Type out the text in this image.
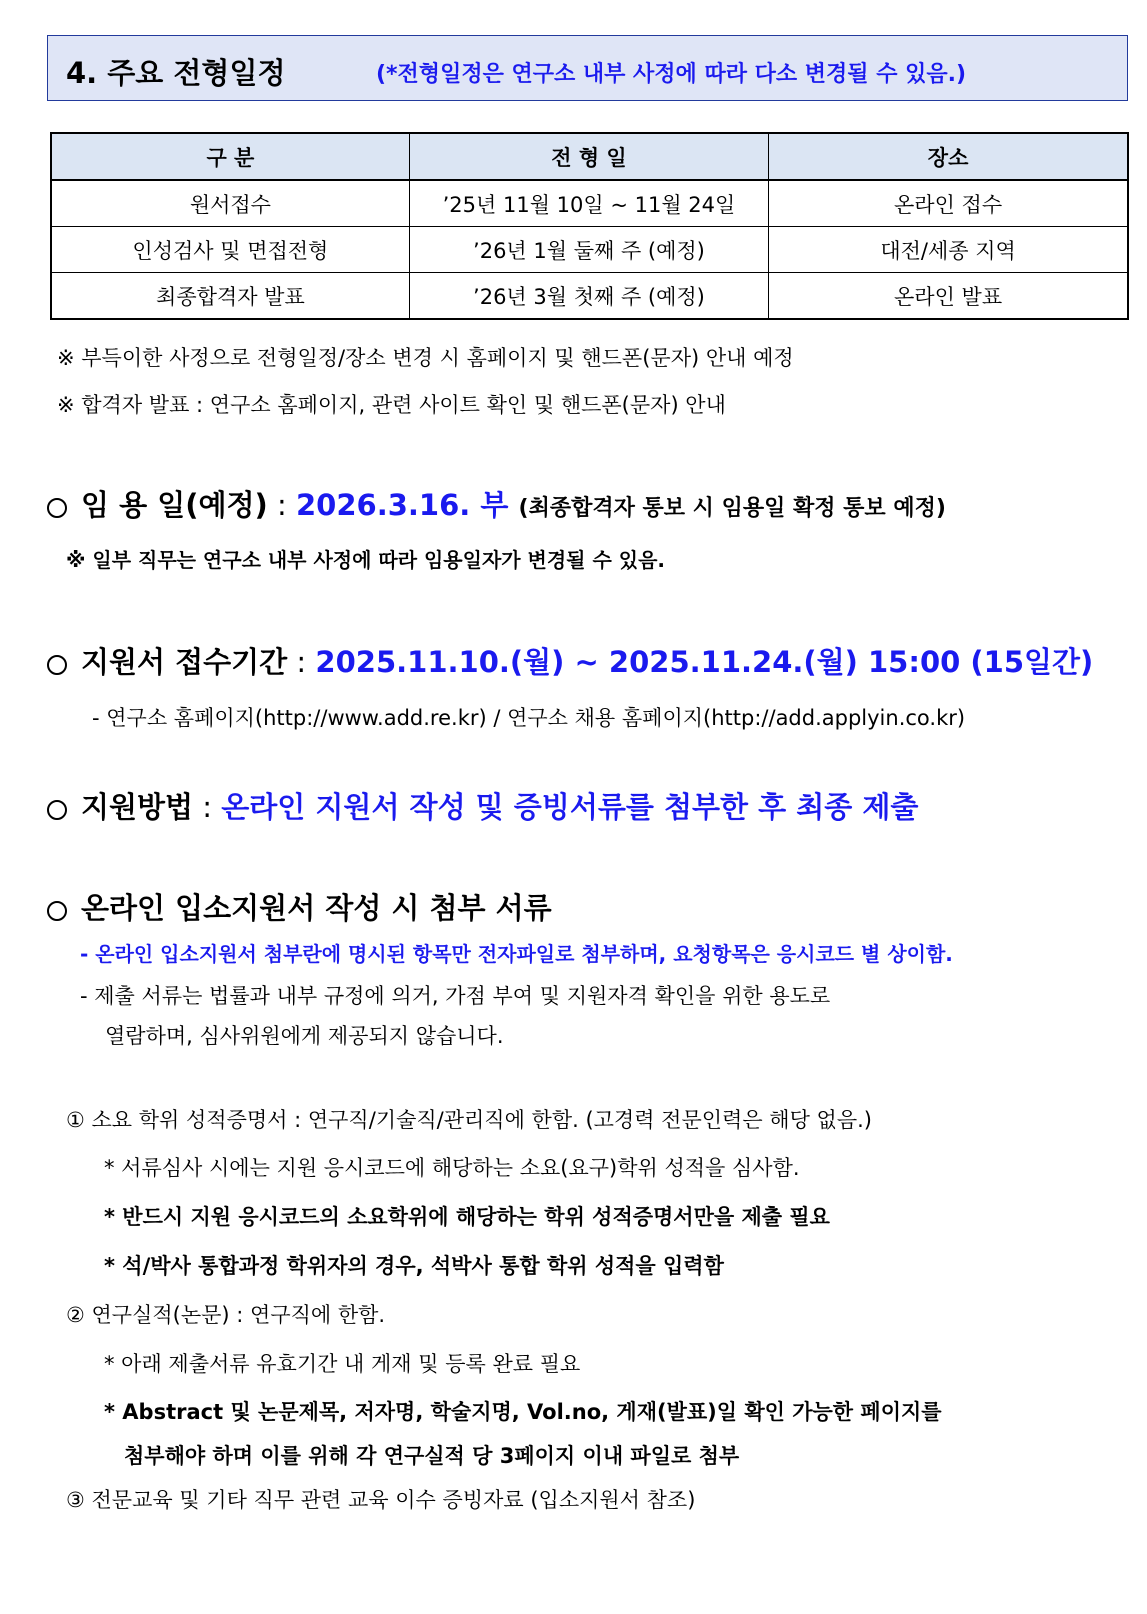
4. 주요 전형일정	(*전형일정은 연구소 내부 사정에 따라 다소 변경될 수 있음.)
구 분	전 형 일	장소
원서접수	’25년 11월 10일 ~ 11월 24일	온라인 접수
인성검사 및 면접전형	’26년 1월 둘째 주 (예정)	대전/세종 지역
최종합격자 발표	’26년 3월 첫째 주 (예정)	온라인 발표
※ 부득이한 사정으로 전형일정/장소 변경 시 홈페이지 및 핸드폰(문자) 안내 예정
※ 합격자 발표 : 연구소 홈페이지, 관련 사이트 확인 및 핸드폰(문자) 안내
임 용 일(예정) : 2026.3.16. 부 (최종합격자 통보 시 임용일 확정 통보 예정)
※ 일부 직무는 연구소 내부 사정에 따라 임용일자가 변경될 수 있음.
지원서 접수기간 : 2025.11.10.(월) ~ 2025.11.24.(월) 15:00 (15일간)
- 연구소 홈페이지(http://www.add.re.kr) / 연구소 채용 홈페이지(http://add.applyin.co.kr)
지원방법 : 온라인 지원서 작성 및 증빙서류를 첨부한 후 최종 제출
온라인 입소지원서 작성 시 첨부 서류
- 온라인 입소지원서 첨부란에 명시된 항목만 전자파일로 첨부하며, 요청항목은 응시코드 별 상이함.
- 제출 서류는 법률과 내부 규정에 의거, 가점 부여 및 지원자격 확인을 위한 용도로
열람하며, 심사위원에게 제공되지 않습니다.
① 소요 학위 성적증명서 : 연구직/기술직/관리직에 한함. (고경력 전문인력은 해당 없음.)
* 서류심사 시에는 지원 응시코드에 해당하는 소요(요구)학위 성적을 심사함.
* 반드시 지원 응시코드의 소요학위에 해당하는 학위 성적증명서만을 제출 필요
* 석/박사 통합과정 학위자의 경우, 석박사 통합 학위 성적을 입력함
② 연구실적(논문) : 연구직에 한함.
* 아래 제출서류 유효기간 내 게재 및 등록 완료 필요
* Abstract 및 논문제목, 저자명, 학술지명, Vol.no, 게재(발표)일 확인 가능한 페이지를
첨부해야 하며 이를 위해 각 연구실적 당 3페이지 이내 파일로 첨부
③ 전문교육 및 기타 직무 관련 교육 이수 증빙자료 (입소지원서 참조)
